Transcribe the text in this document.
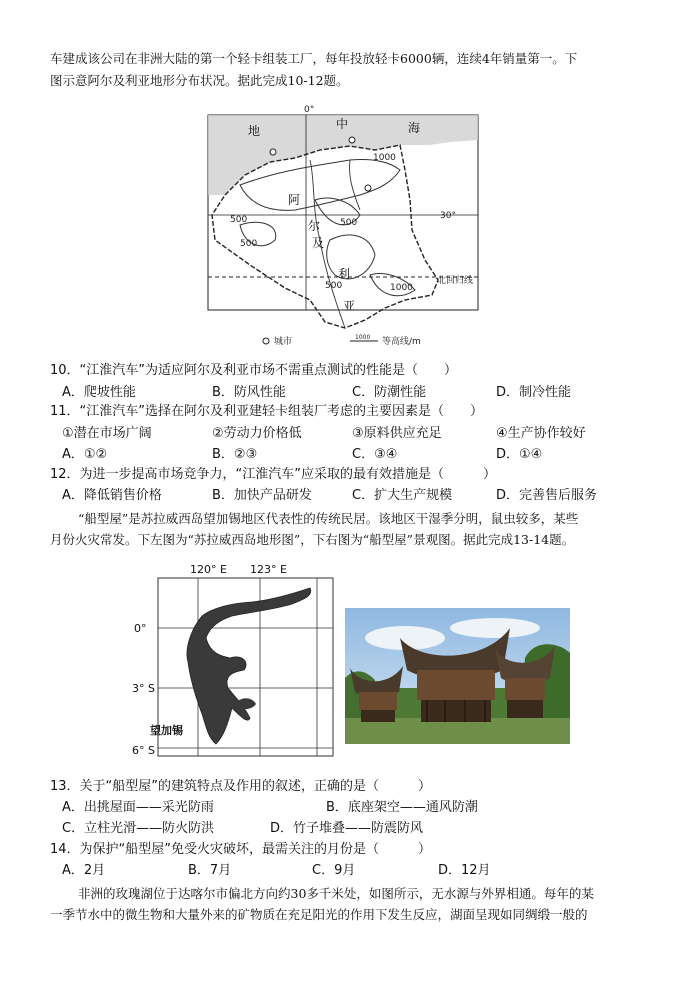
车建成该公司在非洲大陆的第一个轻卡组装工厂，每年投放轻卡6000辆，连续4年销量第一。下
图示意阿尔及利亚地形分布状况。据此完成10-12题。
0°
地	中	海
阿
尔
及
利
亚
30°
北回归线
1000
500
500
500
500	1000
城市	1000 等高线/m
10．“江淮汽车”为适应阿尔及利亚市场不需重点测试的性能是（　　）
A．爬坡性能	B．防风性能	C．防潮性能	D．制冷性能
11．“江淮汽车”选择在阿尔及利亚建轻卡组装厂考虑的主要因素是（　　）
①潜在市场广阔	②劳动力价格低	③原料供应充足	④生产协作较好
A．①②	B．②③	C．③④	D．①④
12．为进一步提高市场竞争力，“江淮汽车”应采取的最有效措施是（　　　）
A．降低销售价格	B．加快产品研发	C．扩大生产规模	D．完善售后服务
“船型屋”是苏拉威西岛望加锡地区代表性的传统民居。该地区干湿季分明，鼠虫较多，某些
月份火灾常发。下左图为“苏拉威西岛地形图”，下右图为“船型屋”景观图。据此完成13-14题。
120° E 123° E
0°
3° S
6° S
望加锡
13．关于“船型屋”的建筑特点及作用的叙述，正确的是（　　　）
A．出挑屋面——采光防雨	B．底座架空——通风防潮
C．立柱光滑——防火防洪	D．竹子堆叠——防震防风
14．为保护“船型屋”免受火灾破坏，最需关注的月份是（　　　）
A．2月	B．7月	C．9月	D．12月
非洲的玫瑰湖位于达喀尔市偏北方向约30多千米处，如图所示，无水源与外界相通。每年的某
一季节水中的微生物和大量外来的矿物质在充足阳光的作用下发生反应，湖面呈现如同绸缎一般的
